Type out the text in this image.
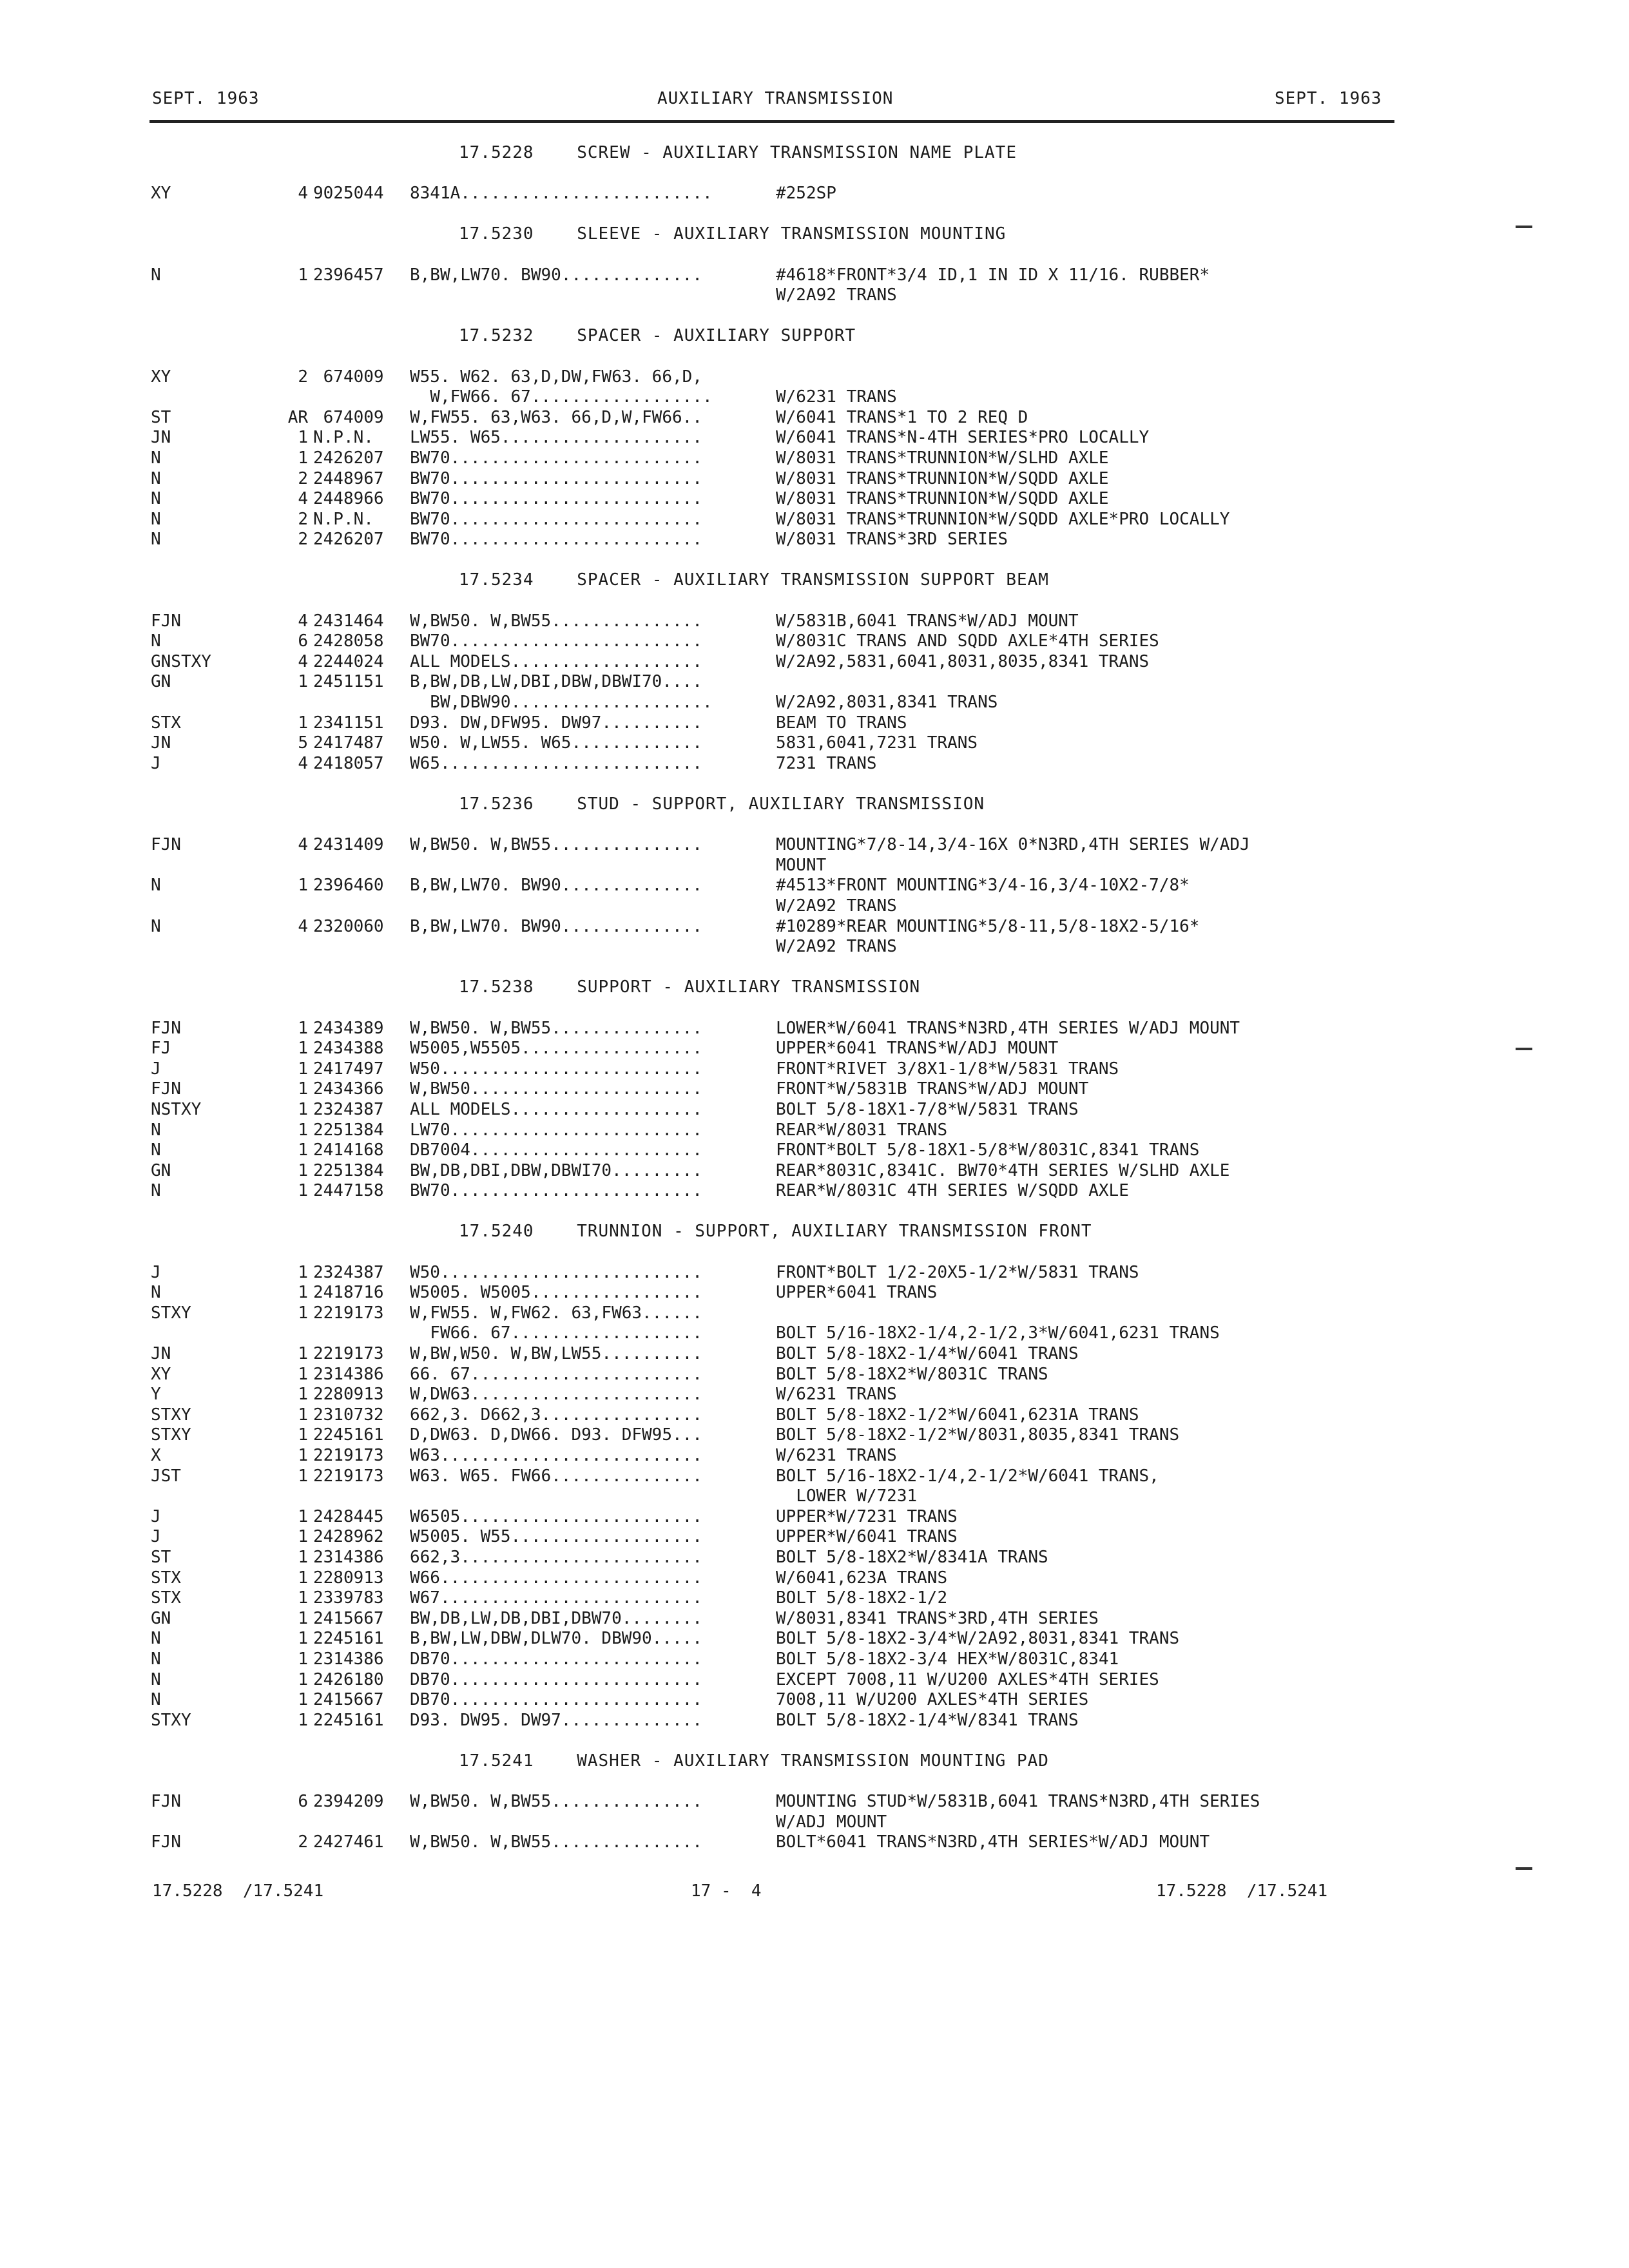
SEPT. 1963	AUXILIARY TRANSMISSION	SEPT. 1963
17.5228	SCREW - AUXILIARY TRANSMISSION NAME PLATE
XY	4 9025044 8341A.........................	#252SP
17.5230	SLEEVE - AUXILIARY TRANSMISSION MOUNTING
N	1 2396457 B,BW,LW70. BW90..............	#4618*FRONT*3/4 ID,1 IN ID X 11/16. RUBBER*
W/2A92 TRANS
17.5232	SPACER - AUXILIARY SUPPORT
XY	2 674009 W55. W62. 63,D,DW,FW63. 66,D,
W,FW66. 67..................	W/6231 TRANS
ST	AR 674009 W,FW55. 63,W63. 66,D,W,FW66..	W/6041 TRANS*1 TO 2 REQ D
JN	1 N.P.N. LW55. W65....................	W/6041 TRANS*N-4TH SERIES*PRO LOCALLY
N	1 2426207 BW70.........................	W/8031 TRANS*TRUNNION*W/SLHD AXLE
N	2 2448967 BW70.........................	W/8031 TRANS*TRUNNION*W/SQDD AXLE
N	4 2448966 BW70.........................	W/8031 TRANS*TRUNNION*W/SQDD AXLE
N	2 N.P.N. BW70.........................	W/8031 TRANS*TRUNNION*W/SQDD AXLE*PRO LOCALLY
N	2 2426207 BW70.........................	W/8031 TRANS*3RD SERIES
17.5234	SPACER - AUXILIARY TRANSMISSION SUPPORT BEAM
FJN	4 2431464 W,BW50. W,BW55...............	W/5831B,6041 TRANS*W/ADJ MOUNT
N	6 2428058 BW70.........................	W/8031C TRANS AND SQDD AXLE*4TH SERIES
GNSTXY	4 2244024 ALL MODELS...................	W/2A92,5831,6041,8031,8035,8341 TRANS
GN	1 2451151 B,BW,DB,LW,DBI,DBW,DBWI70....
BW,DBW90....................	W/2A92,8031,8341 TRANS
STX	1 2341151 D93. DW,DFW95. DW97..........	BEAM TO TRANS
JN	5 2417487 W50. W,LW55. W65.............	5831,6041,7231 TRANS
J	4 2418057 W65..........................	7231 TRANS
17.5236	STUD - SUPPORT, AUXILIARY TRANSMISSION
FJN	4 2431409 W,BW50. W,BW55...............	MOUNTING*7/8-14,3/4-16X 0*N3RD,4TH SERIES W/ADJ
MOUNT
N	1 2396460 B,BW,LW70. BW90..............	#4513*FRONT MOUNTING*3/4-16,3/4-10X2-7/8*
W/2A92 TRANS
N	4 2320060 B,BW,LW70. BW90..............	#10289*REAR MOUNTING*5/8-11,5/8-18X2-5/16*
W/2A92 TRANS
17.5238	SUPPORT - AUXILIARY TRANSMISSION
FJN	1 2434389 W,BW50. W,BW55...............	LOWER*W/6041 TRANS*N3RD,4TH SERIES W/ADJ MOUNT
FJ	1 2434388 W5005,W5505..................	UPPER*6041 TRANS*W/ADJ MOUNT
J	1 2417497 W50..........................	FRONT*RIVET 3/8X1-1/8*W/5831 TRANS
FJN	1 2434366 W,BW50.......................	FRONT*W/5831B TRANS*W/ADJ MOUNT
NSTXY	1 2324387 ALL MODELS...................	BOLT 5/8-18X1-7/8*W/5831 TRANS
N	1 2251384 LW70.........................	REAR*W/8031 TRANS
N	1 2414168 DB7004.......................	FRONT*BOLT 5/8-18X1-5/8*W/8031C,8341 TRANS
GN	1 2251384 BW,DB,DBI,DBW,DBWI70.........	REAR*8031C,8341C. BW70*4TH SERIES W/SLHD AXLE
N	1 2447158 BW70.........................	REAR*W/8031C 4TH SERIES W/SQDD AXLE
17.5240	TRUNNION - SUPPORT, AUXILIARY TRANSMISSION FRONT
J	1 2324387 W50..........................	FRONT*BOLT 1/2-20X5-1/2*W/5831 TRANS
N	1 2418716 W5005. W5005.................	UPPER*6041 TRANS
STXY	1 2219173 W,FW55. W,FW62. 63,FW63......
FW66. 67...................	BOLT 5/16-18X2-1/4,2-1/2,3*W/6041,6231 TRANS
JN	1 2219173 W,BW,W50. W,BW,LW55..........	BOLT 5/8-18X2-1/4*W/6041 TRANS
XY	1 2314386 66. 67.......................	BOLT 5/8-18X2*W/8031C TRANS
Y	1 2280913 W,DW63.......................	W/6231 TRANS
STXY	1 2310732 662,3. D662,3................	BOLT 5/8-18X2-1/2*W/6041,6231A TRANS
STXY	1 2245161 D,DW63. D,DW66. D93. DFW95...	BOLT 5/8-18X2-1/2*W/8031,8035,8341 TRANS
X	1 2219173 W63..........................	W/6231 TRANS
JST	1 2219173 W63. W65. FW66...............	BOLT 5/16-18X2-1/4,2-1/2*W/6041 TRANS,
LOWER W/7231
J	1 2428445 W6505........................	UPPER*W/7231 TRANS
J	1 2428962 W5005. W55...................	UPPER*W/6041 TRANS
ST	1 2314386 662,3........................	BOLT 5/8-18X2*W/8341A TRANS
STX	1 2280913 W66..........................	W/6041,623A TRANS
STX	1 2339783 W67..........................	BOLT 5/8-18X2-1/2
GN	1 2415667 BW,DB,LW,DB,DBI,DBW70........	W/8031,8341 TRANS*3RD,4TH SERIES
N	1 2245161 B,BW,LW,DBW,DLW70. DBW90.....	BOLT 5/8-18X2-3/4*W/2A92,8031,8341 TRANS
N	1 2314386 DB70.........................	BOLT 5/8-18X2-3/4 HEX*W/8031C,8341
N	1 2426180 DB70.........................	EXCEPT 7008,11 W/U200 AXLES*4TH SERIES
N	1 2415667 DB70.........................	7008,11 W/U200 AXLES*4TH SERIES
STXY	1 2245161 D93. DW95. DW97..............	BOLT 5/8-18X2-1/4*W/8341 TRANS
17.5241	WASHER - AUXILIARY TRANSMISSION MOUNTING PAD
FJN	6 2394209 W,BW50. W,BW55...............	MOUNTING STUD*W/5831B,6041 TRANS*N3RD,4TH SERIES
W/ADJ MOUNT
FJN	2 2427461 W,BW50. W,BW55...............	BOLT*6041 TRANS*N3RD,4TH SERIES*W/ADJ MOUNT
17.5228  /17.5241	17 -  4	17.5228  /17.5241
